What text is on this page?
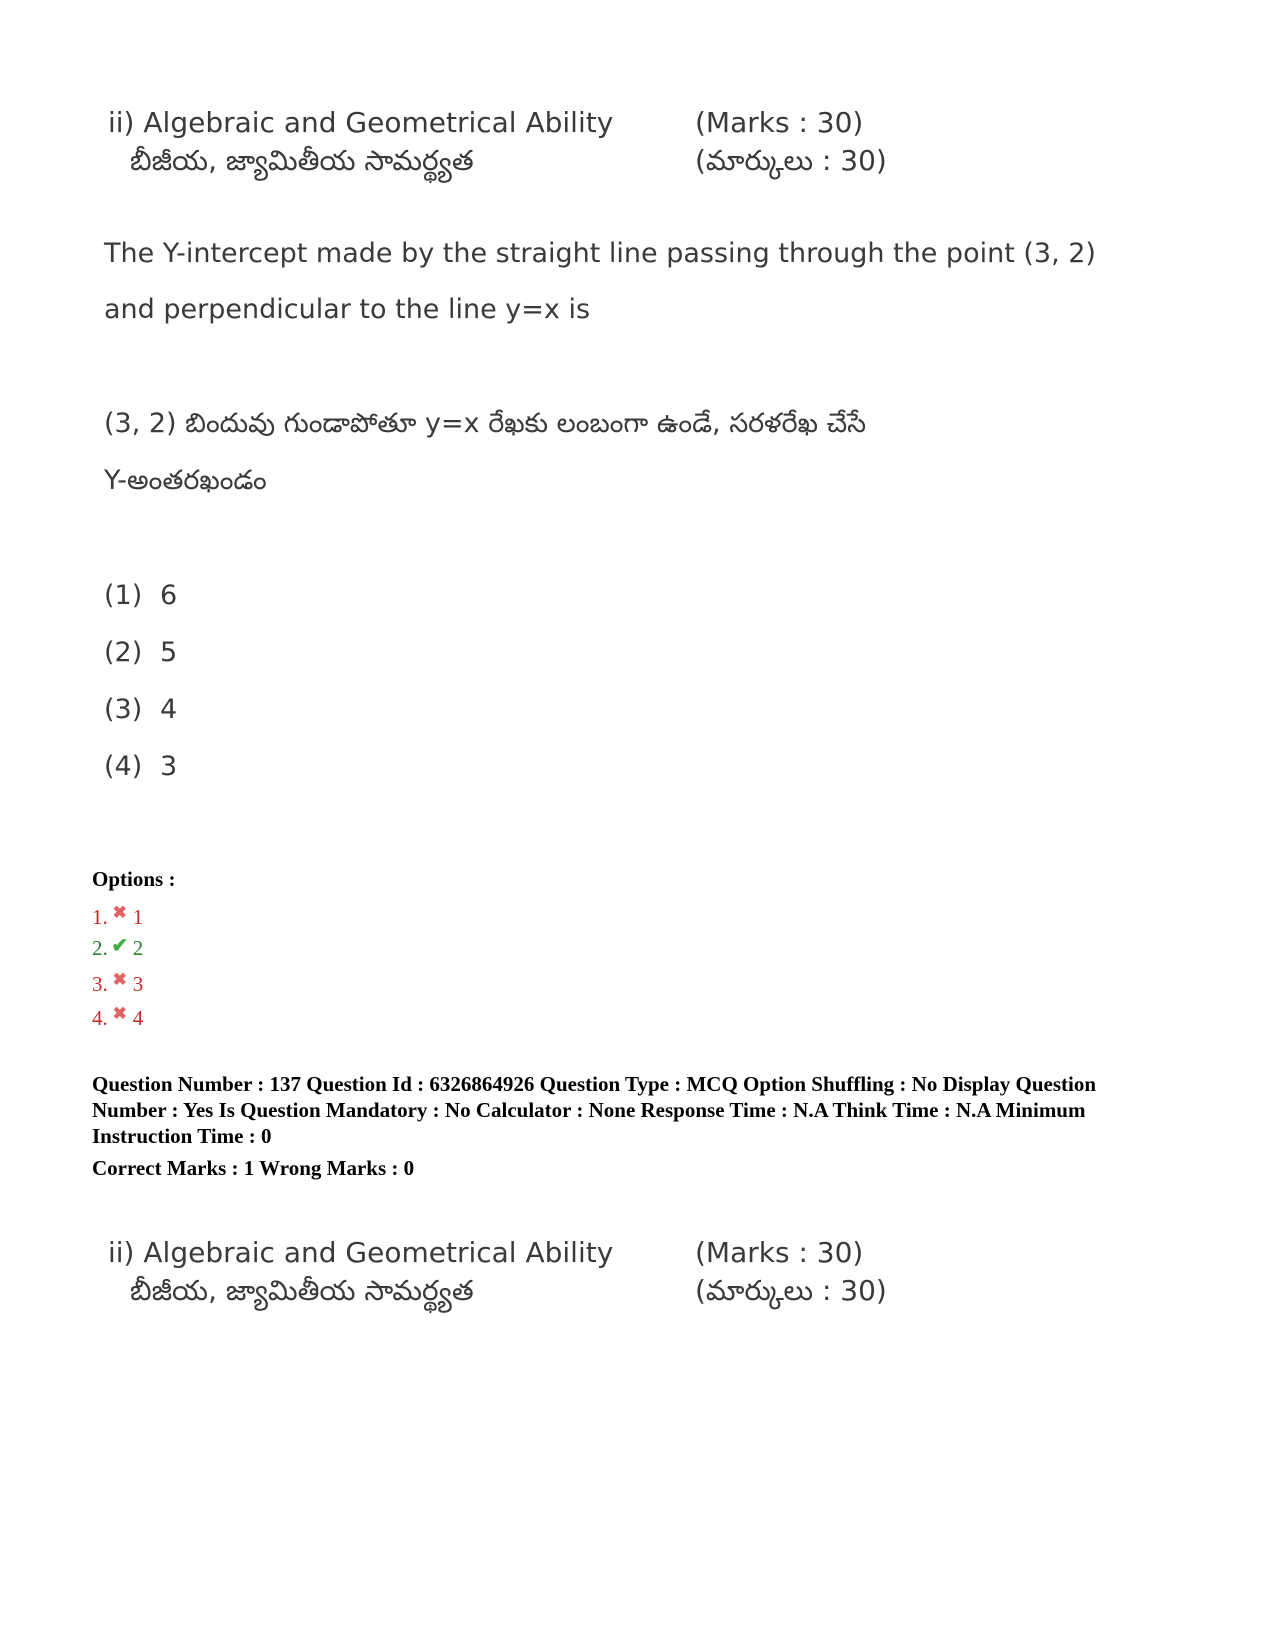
ii) Algebraic and Geometrical Ability
బీజీయ, జ్యామితీయ సామర్థ్యత
(Marks : 30)
(మార్కులు : 30)
The Y-intercept made by the straight line passing through the point (3, 2)
and perpendicular to the line y=x is
(3, 2) బిందువు గుండాపోతూ y=x రేఖకు లంబంగా ఉండే, సరళరేఖ చేసే
Y-అంతరఖండం
(1) 6
(2) 5
(3) 4
(4) 3
Options :
1. ✖ 1
2. ✔ 2
3. ✖ 3
4. ✖ 4
Question Number : 137 Question Id : 6326864926 Question Type : MCQ Option Shuffling : No Display Question
Number : Yes Is Question Mandatory : No Calculator : None Response Time : N.A Think Time : N.A Minimum
Instruction Time : 0
Correct Marks : 1 Wrong Marks : 0
ii) Algebraic and Geometrical Ability
బీజీయ, జ్యామితీయ సామర్థ్యత
(Marks : 30)
(మార్కులు : 30)
